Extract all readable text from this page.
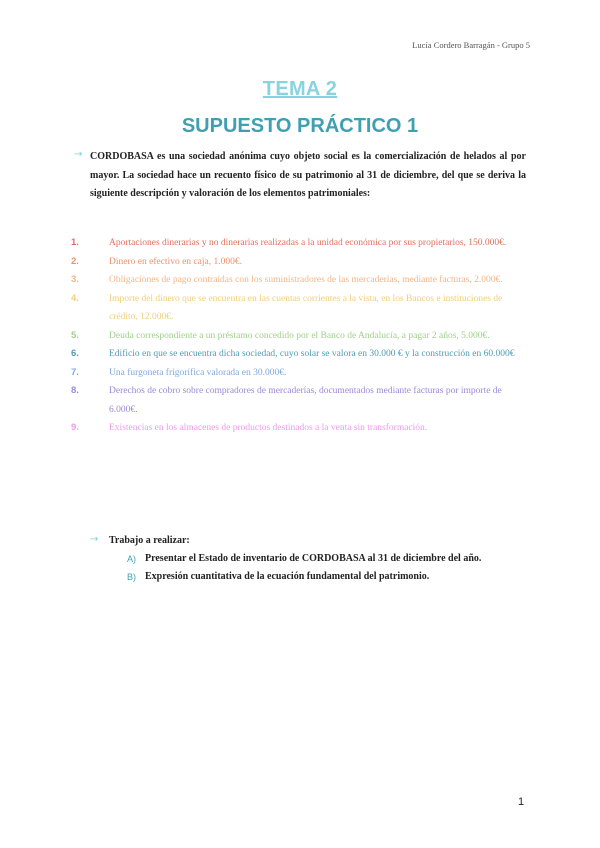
Lucía Cordero Barragán - Grupo 5
TEMA 2
SUPUESTO PRÁCTICO 1
→ CORDOBASA es una sociedad anónima cuyo objeto social es la comercialización de helados al por mayor. La sociedad hace un recuento físico de su patrimonio al 31 de diciembre, del que se deriva la siguiente descripción y valoración de los elementos patrimoniales:
1.	Aportaciones dinerarias y no dinerarias realizadas a la unidad económica por sus propietarios, 150.000€.
2.	Dinero en efectivo en caja, 1.000€.
3.	Obligaciones de pago contraídas con los suministradores de las mercaderías, mediante facturas, 2.000€.
4.	Importe del dinero que se encuentra en las cuentas corrientes a la vista, en los Bancos e instituciones de crédito, 12.000€.
5.	Deuda correspondiente a un préstamo concedido por el Banco de Andalucía, a pagar 2 años, 5.000€.
6.	Edificio en que se encuentra dicha sociedad, cuyo solar se valora en 30.000 € y la construcción en 60.000€
7.	Una furgoneta frigorífica valorada en 30.000€.
8.	Derechos de cobro sobre compradores de mercaderías, documentados mediante facturas por importe de 6.000€.
9.	Existencias en los almacenes de productos destinados a la venta sin transformación.
→ Trabajo a realizar:
A) Presentar el Estado de inventario de CORDOBASA al 31 de diciembre del año.
B) Expresión cuantitativa de la ecuación fundamental del patrimonio.
1
